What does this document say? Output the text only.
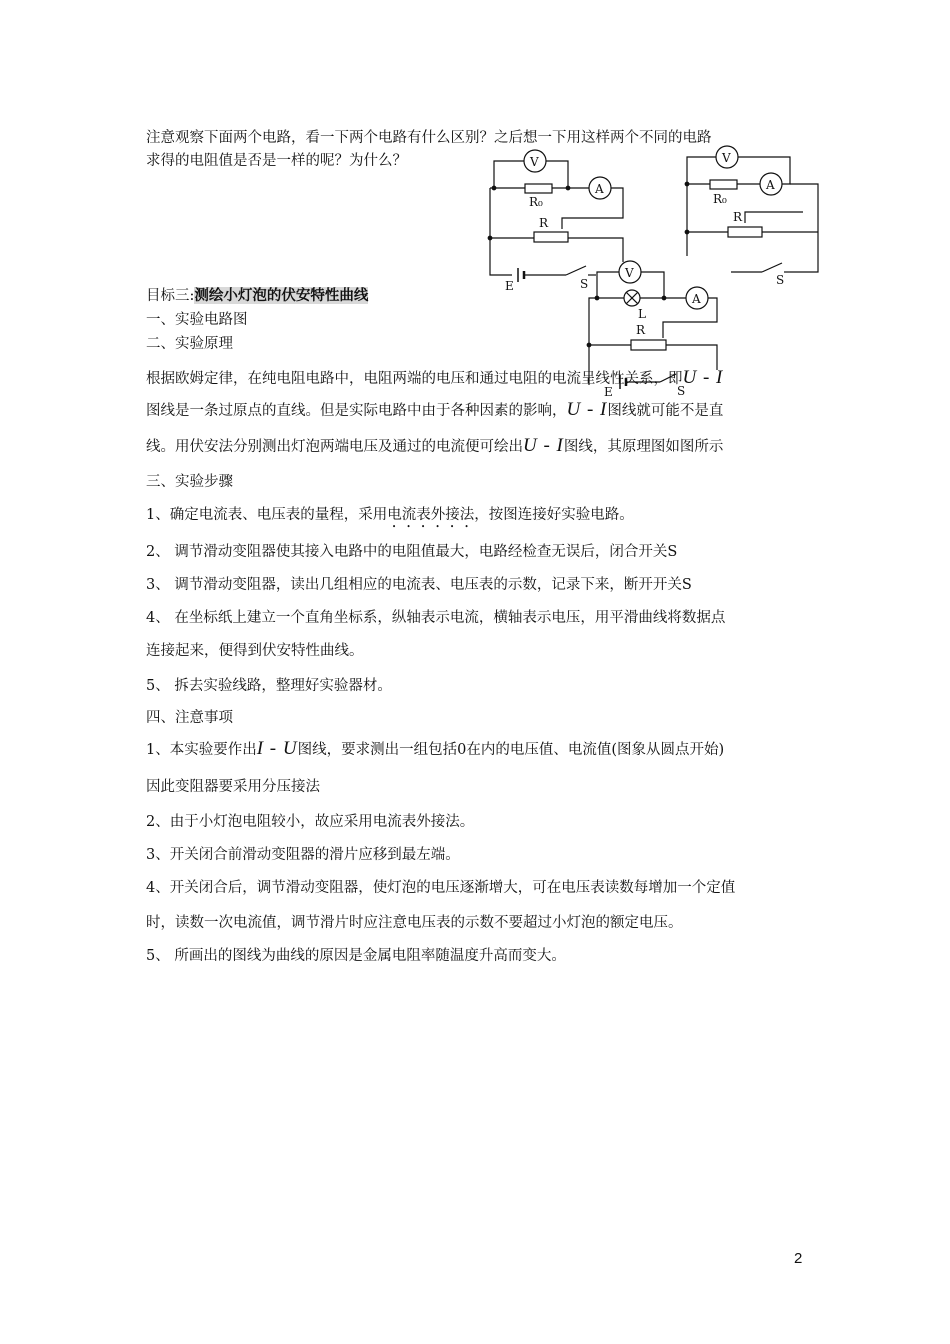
V
A
R₀
R
E	S
V
A
R₀
R
S
V
A
L
R
E	S
注意观察下面两个电路，看一下两个电路有什么区别？之后想一下用这样两个不同的电路
求得的电阻值是否是一样的呢？为什么？
目标三:测绘小灯泡的伏安特性曲线
一、实验电路图
二、实验原理
根据欧姆定律，在纯电阻电路中，电阻两端的电压和通过电阻的电流呈线性关系，即U - I
图线是一条过原点的直线。但是实际电路中由于各种因素的影响，U - I图线就可能不是直
线。用伏安法分别测出灯泡两端电压及通过的电流便可绘出U - I图线，其原理图如图所示
三、实验步骤
1、确定电流表、电压表的量程，采用电流表外接法，按图连接好实验电路。
2、 调节滑动变阻器使其接入电路中的电阻值最大，电路经检查无误后，闭合开关S
3、 调节滑动变阻器，读出几组相应的电流表、电压表的示数，记录下来，断开开关S
4、 在坐标纸上建立一个直角坐标系，纵轴表示电流，横轴表示电压，用平滑曲线将数据点
连接起来，便得到伏安特性曲线。
5、 拆去实验线路，整理好实验器材。
四、注意事项
1、本实验要作出I - U图线，要求测出一组包括0在内的电压值、电流值(图象从圆点开始)
因此变阻器要采用分压接法
2、由于小灯泡电阻较小，故应采用电流表外接法。
3、开关闭合前滑动变阻器的滑片应移到最左端。
4、开关闭合后，调节滑动变阻器，使灯泡的电压逐渐增大，可在电压表读数每增加一个定值
时，读数一次电流值，调节滑片时应注意电压表的示数不要超过小灯泡的额定电压。
5、 所画出的图线为曲线的原因是金属电阻率随温度升高而变大。
2
